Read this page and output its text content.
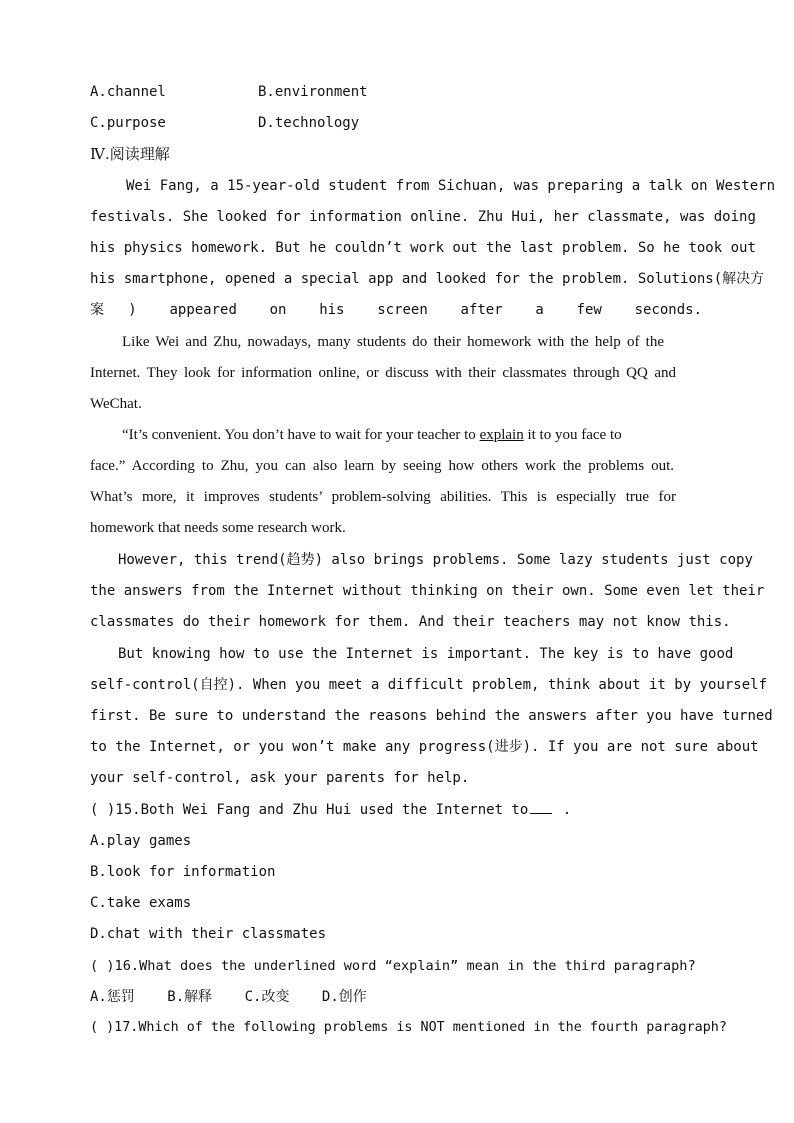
A.channel	B.environment
C.purpose	D.technology
Ⅳ.阅读理解
Wei Fang, a 15-year-old student from Sichuan, was preparing a talk on Western
festivals. She looked for information online. Zhu Hui, her classmate, was doing
his physics homework. But he couldn’t work out the last problem. So he took out
his smartphone, opened a special app and looked for the problem. Solutions(解决方
案) appeared on his screen after a few seconds.
Like Wei and Zhu, nowadays, many students do their homework with the help of the
Internet. They look for information online, or discuss with their classmates through QQ and
WeChat.
“It’s convenient. You don’t have to wait for your teacher to explain it to you face to
face.” According to Zhu, you can also learn by seeing how others work the problems out.
What’s more, it improves students’ problem-solving abilities. This is especially true for
homework that needs some research work.
However, this trend(趋势) also brings problems. Some lazy students just copy
the answers from the Internet without thinking on their own. Some even let their
classmates do their homework for them. And their teachers may not know this.
But knowing how to use the Internet is important. The key is to have good
self-control(自控). When you meet a difficult problem, think about it by yourself
first. Be sure to understand the reasons behind the answers after you have turned
to the Internet, or you won’t make any progress(进步). If you are not sure about
your self-control, ask your parents for help.
( )15.Both Wei Fang and Zhu Hui used the Internet to .
A.play games
B.look for information
C.take exams
D.chat with their classmates
( )16.What does the underlined word “explain” mean in the third paragraph?
A.惩罚 B.解释 C.改变 D.创作
( )17.Which of the following problems is NOT mentioned in the fourth paragraph?
